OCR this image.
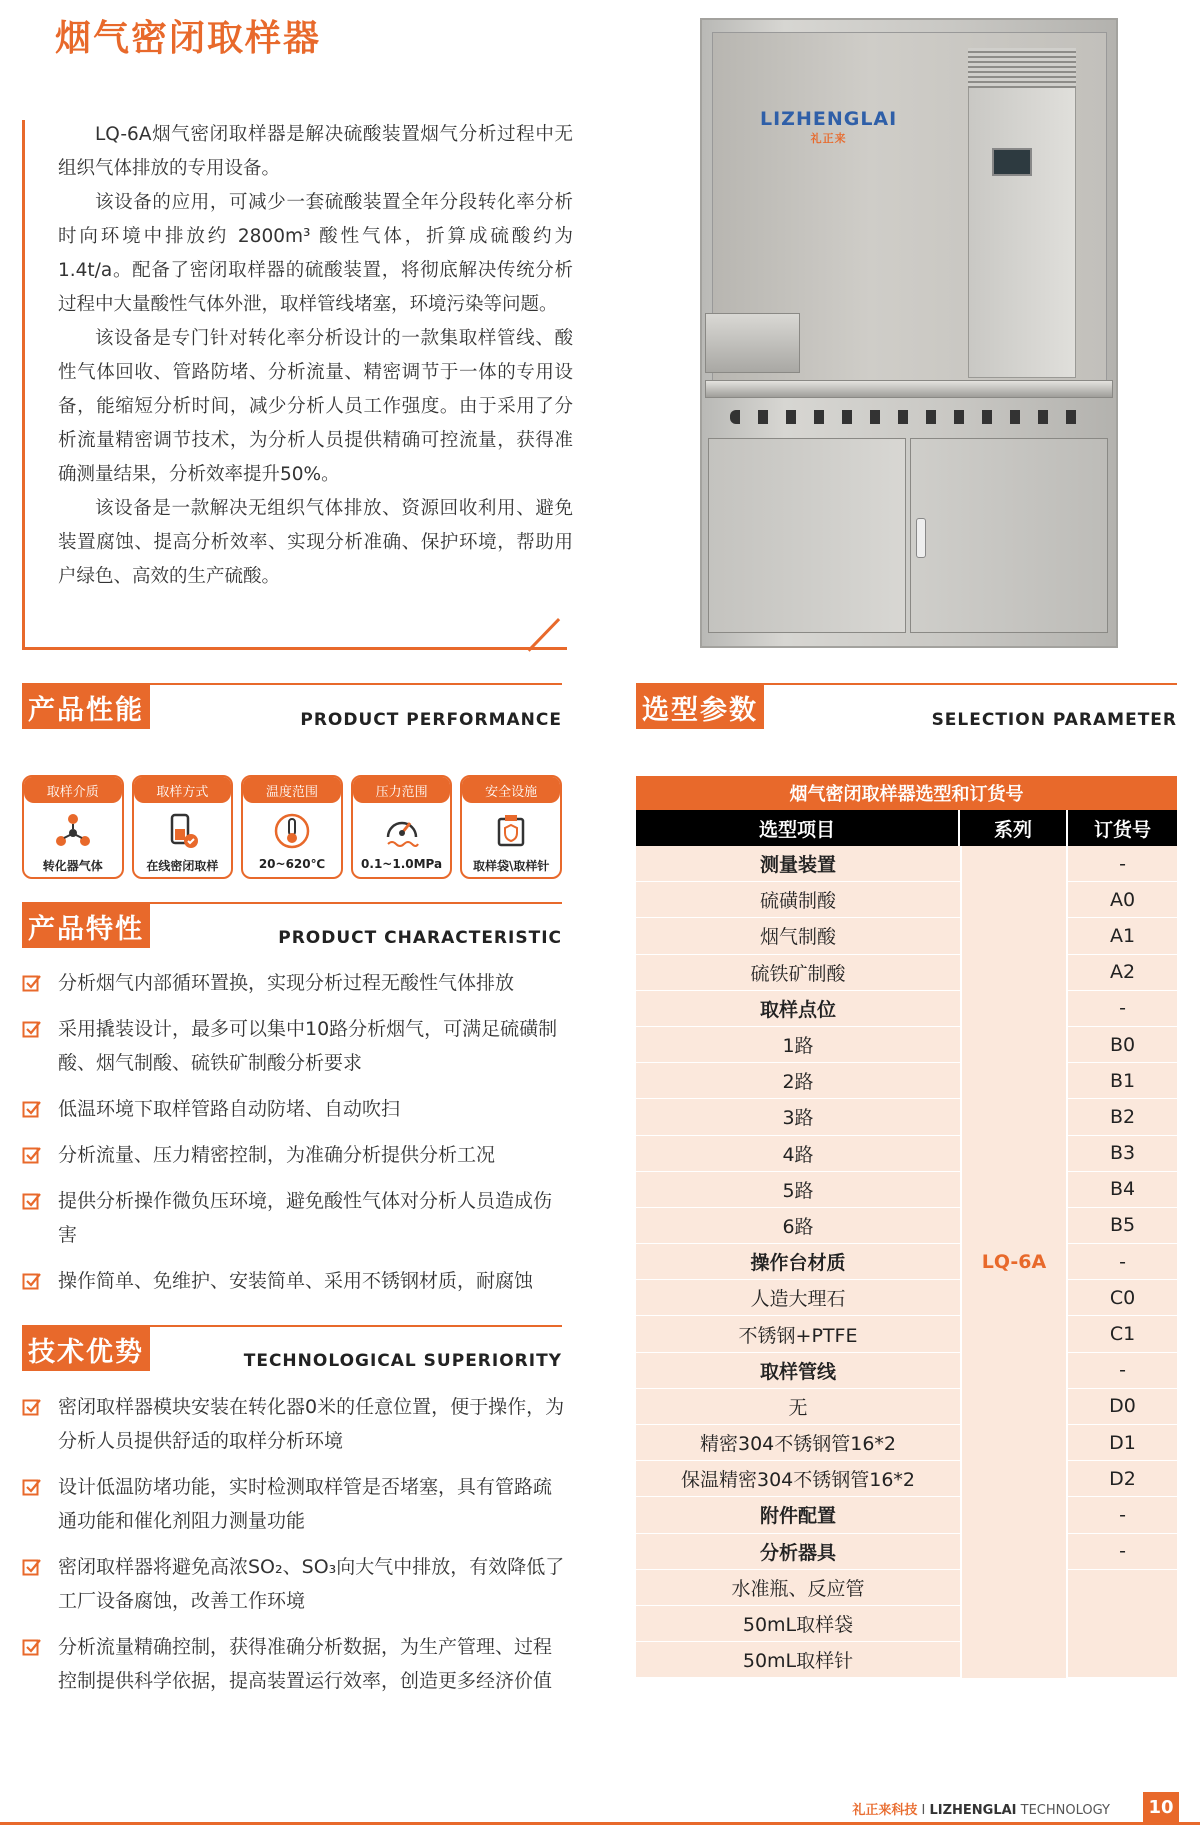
烟气密闭取样器

LQ-6A烟气密闭取样器是解决硫酸装置烟气分析过程中无组织气体排放的专用设备。

该设备的应用，可减少一套硫酸装置全年分段转化率分析时向环境中排放约 2800m³ 酸性气体，折算成硫酸约为1.4t/a。配备了密闭取样器的硫酸装置，将彻底解决传统分析过程中大量酸性气体外泄，取样管线堵塞，环境污染等问题。

该设备是专门针对转化率分析设计的一款集取样管线、酸性气体回收、管路防堵、分析流量、精密调节于一体的专用设备，能缩短分析时间，减少分析人员工作强度。由于采用了分析流量精密调节技术，为分析人员提供精确可控流量，获得准确测量结果，分析效率提升50%。

该设备是一款解决无组织气体排放、资源回收利用、避免装置腐蚀、提高分析效率、实现分析准确、保护环境，帮助用户绿色、高效的生产硫酸。

LIZHENGLAI
礼正来
产品性能	PRODUCT PERFORMANCE
取样介质
转化器气体
取样方式
在线密闭取样
温度范围
20~620℃
压力范围
0.1~1.0MPa
安全设施
取样袋\取样针
产品特性	PRODUCT CHARACTERISTIC
分析烟气内部循环置换，实现分析过程无酸性气体排放
采用撬装设计，最多可以集中10路分析烟气，可满足硫磺制酸、烟气制酸、硫铁矿制酸分析要求
低温环境下取样管路自动防堵、自动吹扫
分析流量、压力精密控制，为准确分析提供分析工况
提供分析操作微负压环境，避免酸性气体对分析人员造成伤害
操作简单、免维护、安装简单、采用不锈钢材质，耐腐蚀
技术优势	TECHNOLOGICAL SUPERIORITY
密闭取样器模块安装在转化器0米的任意位置，便于操作，为分析人员提供舒适的取样分析环境
设计低温防堵功能，实时检测取样管是否堵塞，具有管路疏通功能和催化剂阻力测量功能
密闭取样器将避免高浓SO₂、SO₃向大气中排放，有效降低了工厂设备腐蚀，改善工作环境
分析流量精确控制，获得准确分析数据，为生产管理、过程控制提供科学依据，提高装置运行效率，创造更多经济价值
选型参数	SELECTION PARAMETER
烟气密闭取样器选型和订货号		
选型项目	系列	订货号
测量装置	LQ-6A	-
硫磺制酸		A0
烟气制酸		A1
硫铁矿制酸		A2
取样点位		-
1路		B0
2路		B1
3路		B2
4路		B3
5路		B4
6路		B5
操作台材质		-
人造大理石		C0
不锈钢+PTFE		C1
取样管线		-
无		D0
精密304不锈钢管16*2		D1
保温精密304不锈钢管16*2		D2
附件配置		-
分析器具		-
水准瓶、反应管		
50mL取样袋		
50mL取样针		
礼正来科技 I LIZHENGLAI TECHNOLOGY	10
